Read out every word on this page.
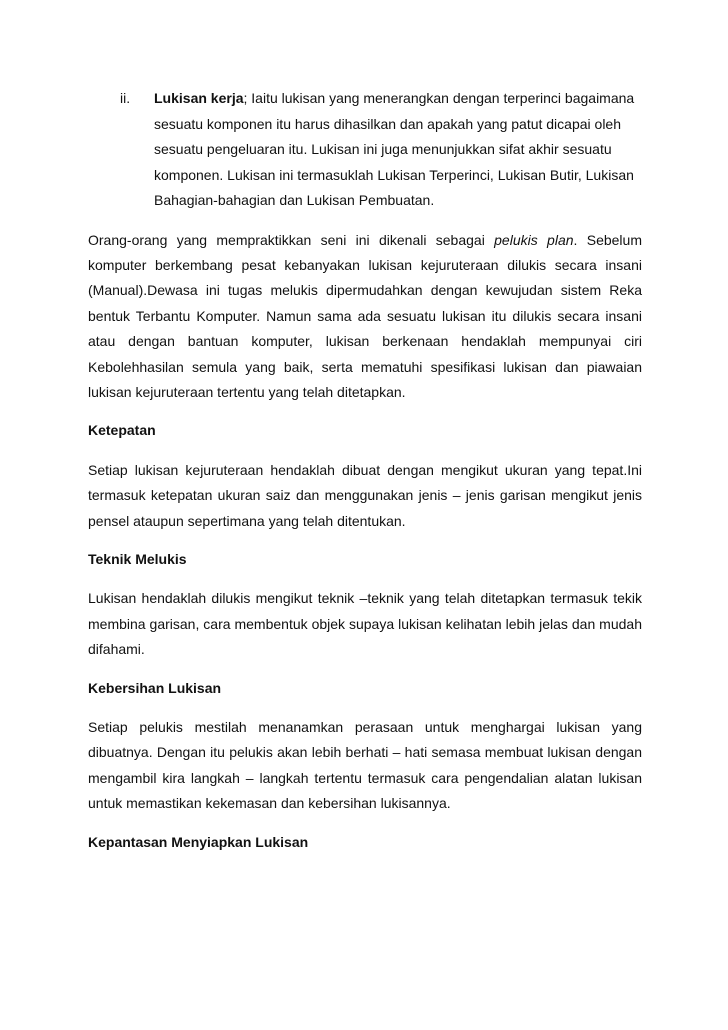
ii. Lukisan kerja; Iaitu lukisan yang menerangkan dengan terperinci bagaimana sesuatu komponen itu harus dihasilkan dan apakah yang patut dicapai oleh sesuatu pengeluaran itu. Lukisan ini juga menunjukkan sifat akhir sesuatu komponen. Lukisan ini termasuklah Lukisan Terperinci, Lukisan Butir, Lukisan Bahagian-bahagian dan Lukisan Pembuatan.

Orang-orang yang mempraktikkan seni ini dikenali sebagai pelukis plan. Sebelum komputer berkembang pesat kebanyakan lukisan kejuruteraan dilukis secara insani (Manual).Dewasa ini tugas melukis dipermudahkan dengan kewujudan sistem Reka bentuk Terbantu Komputer. Namun sama ada sesuatu lukisan itu dilukis secara insani atau dengan bantuan komputer, lukisan berkenaan hendaklah mempunyai ciri Kebolehhasilan semula yang baik, serta mematuhi spesifikasi lukisan dan piawaian lukisan kejuruteraan tertentu yang telah ditetapkan.

Ketepatan

Setiap lukisan kejuruteraan hendaklah dibuat dengan mengikut ukuran yang tepat.Ini termasuk ketepatan ukuran saiz dan menggunakan jenis – jenis garisan mengikut jenis pensel ataupun sepertimana yang telah ditentukan.

Teknik Melukis

Lukisan hendaklah dilukis mengikut teknik –teknik yang telah ditetapkan termasuk tekik membina garisan, cara membentuk objek supaya lukisan kelihatan lebih jelas dan mudah difahami.

Kebersihan Lukisan

Setiap pelukis mestilah menanamkan perasaan untuk menghargai lukisan yang dibuatnya. Dengan itu pelukis akan lebih berhati – hati semasa membuat lukisan dengan mengambil kira langkah – langkah tertentu termasuk cara pengendalian alatan lukisan untuk memastikan kekemasan dan kebersihan lukisannya.

Kepantasan Menyiapkan Lukisan
